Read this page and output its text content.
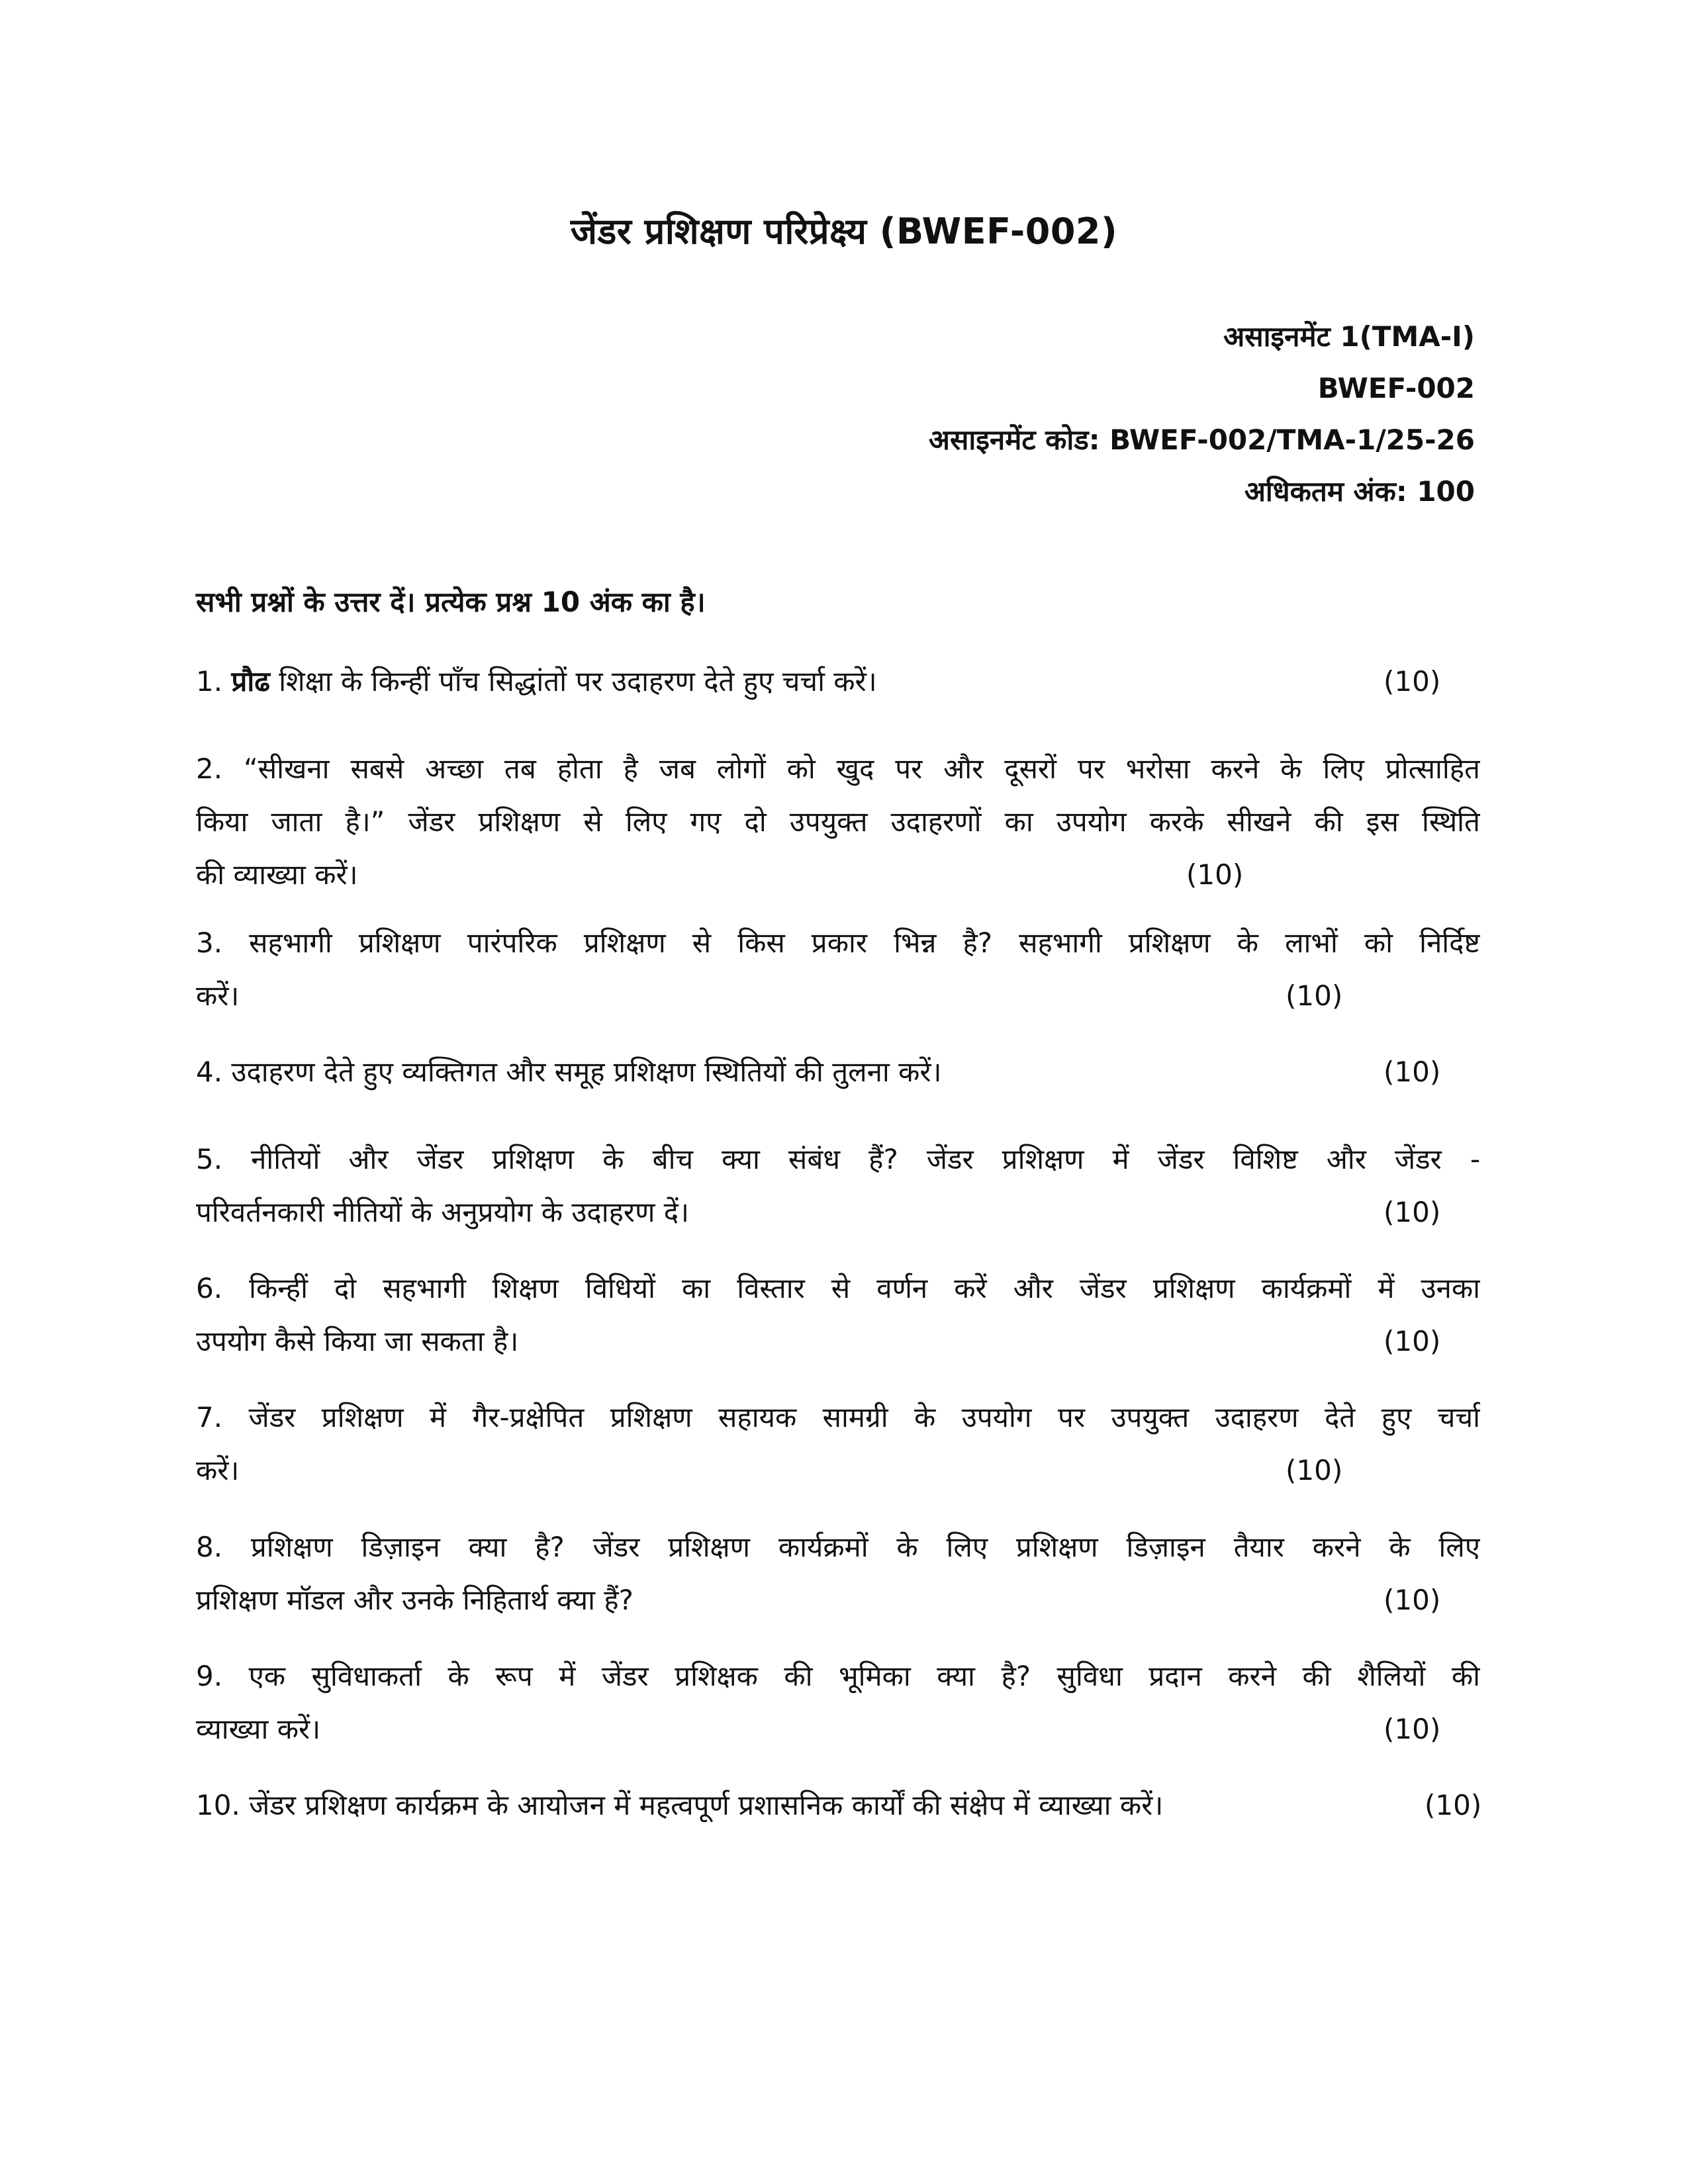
जेंडर प्रशिक्षण परिप्रेक्ष्य (BWEF-002)
असाइनमेंट 1(TMA-I)
BWEF-002
असाइनमेंट कोड: BWEF-002/TMA-1/25-26
अधिकतम अंक: 100
सभी प्रश्नों के उत्तर दें। प्रत्येक प्रश्न 10 अंक का है।
1. प्रौढ शिक्षा के किन्हीं पाँच सिद्धांतों पर उदाहरण देते हुए चर्चा करें।	(10)
2. “सीखना सबसे अच्छा तब होता है जब लोगों को खुद पर और दूसरों पर भरोसा करने के लिए प्रोत्साहित
किया जाता है।” जेंडर प्रशिक्षण से लिए गए दो उपयुक्त उदाहरणों का उपयोग करके सीखने की इस स्थिति
की व्याख्या करें।	(10)
3. सहभागी प्रशिक्षण पारंपरिक प्रशिक्षण से किस प्रकार भिन्न है? सहभागी प्रशिक्षण के लाभों को निर्दिष्ट
करें।	(10)
4. उदाहरण देते हुए व्यक्तिगत और समूह प्रशिक्षण स्थितियों की तुलना करें।	(10)
5. नीतियों और जेंडर प्रशिक्षण के बीच क्या संबंध हैं? जेंडर प्रशिक्षण में जेंडर विशिष्ट और जेंडर -
परिवर्तनकारी नीतियों के अनुप्रयोग के उदाहरण दें।	(10)
6. किन्हीं दो सहभागी शिक्षण विधियों का विस्तार से वर्णन करें और जेंडर प्रशिक्षण कार्यक्रमों में उनका
उपयोग कैसे किया जा सकता है।	(10)
7. जेंडर प्रशिक्षण में गैर-प्रक्षेपित प्रशिक्षण सहायक सामग्री के उपयोग पर उपयुक्त उदाहरण देते हुए चर्चा
करें।	(10)
8. प्रशिक्षण डिज़ाइन क्या है? जेंडर प्रशिक्षण कार्यक्रमों के लिए प्रशिक्षण डिज़ाइन तैयार करने के लिए
प्रशिक्षण मॉडल और उनके निहितार्थ क्या हैं?	(10)
9. एक सुविधाकर्ता के रूप में जेंडर प्रशिक्षक की भूमिका क्या है? सुविधा प्रदान करने की शैलियों की
व्याख्या करें।	(10)
10. जेंडर प्रशिक्षण कार्यक्रम के आयोजन में महत्वपूर्ण प्रशासनिक कार्यों की संक्षेप में व्याख्या करें।	(10)
